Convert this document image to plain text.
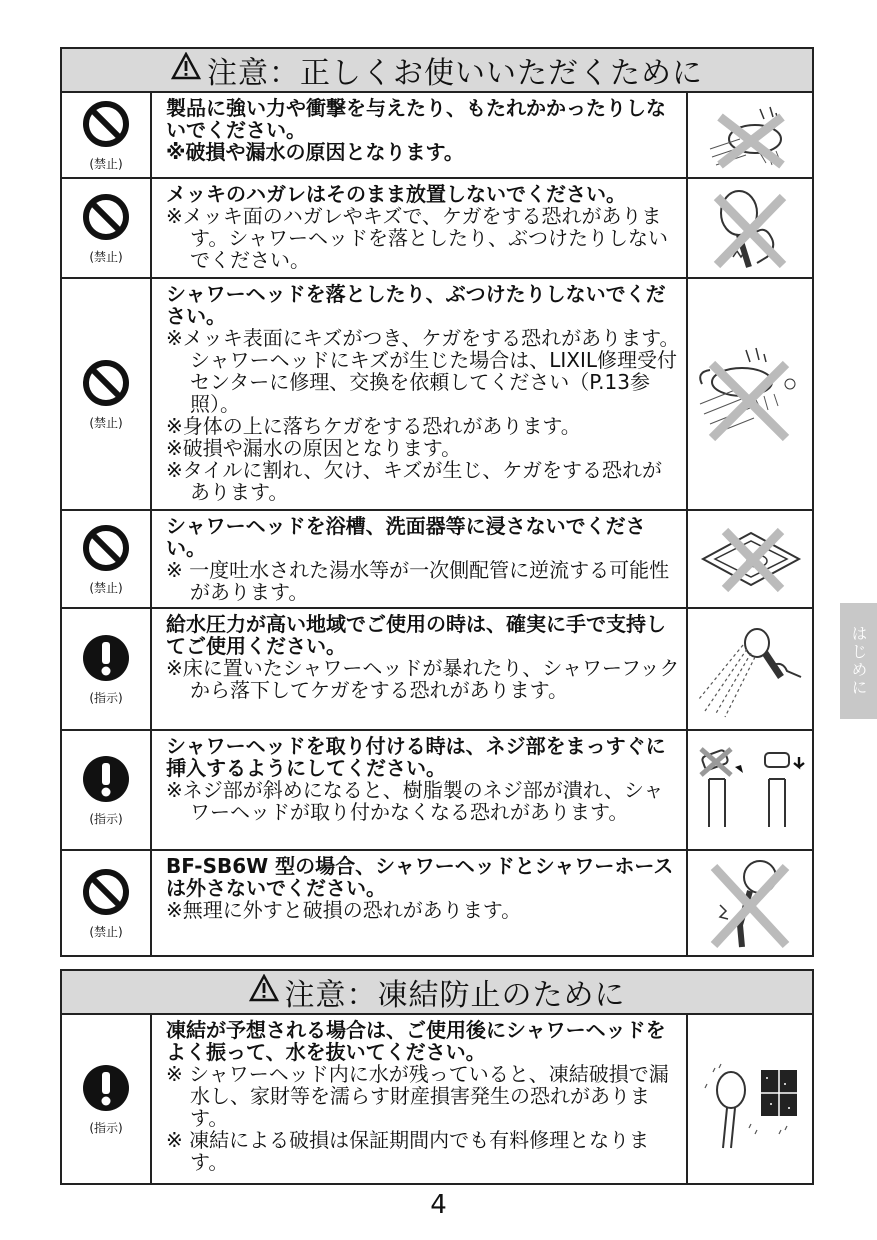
注意：正しくお使いいただくために
(禁止)
製品に強い力や衝撃を与えたり、もたれかかったりしないでください。
※破損や漏水の原因となります。
(禁止)
メッキのハガレはそのまま放置しないでください。
※メッキ面のハガレやキズで、ケガをする恐れがあります。シャワーヘッドを落としたり、ぶつけたりしないでください。
(禁止)
シャワーヘッドを落としたり、ぶつけたりしないでください。
※メッキ表面にキズがつき、ケガをする恐れがあります。シャワーヘッドにキズが生じた場合は、LIXIL修理受付センターに修理、交換を依頼してください（P.13参照）。
※身体の上に落ちケガをする恐れがあります。
※破損や漏水の原因となります。
※タイルに割れ、欠け、キズが生じ、ケガをする恐れがあります。
(禁止)
シャワーヘッドを浴槽、洗面器等に浸さないでください。
※ 一度吐水された湯水等が一次側配管に逆流する可能性があります。
(指示)
給水圧力が高い地域でご使用の時は、確実に手で支持してご使用ください。
※床に置いたシャワーヘッドが暴れたり、シャワーフックから落下してケガをする恐れがあります。
(指示)
シャワーヘッドを取り付ける時は、ネジ部をまっすぐに挿入するようにしてください。
※ネジ部が斜めになると、樹脂製のネジ部が潰れ、シャワーヘッドが取り付かなくなる恐れがあります。
(禁止)
BF-SB6W 型の場合、シャワーヘッドとシャワーホースは外さないでください。
※無理に外すと破損の恐れがあります。
注意：凍結防止のために
(指示)
凍結が予想される場合は、ご使用後にシャワーヘッドをよく振って、水を抜いてください。
※ シャワーヘッド内に水が残っていると、凍結破損で漏水し、家財等を濡らす財産損害発生の恐れがあります。
※ 凍結による破損は保証期間内でも有料修理となります。
はじめに
4
